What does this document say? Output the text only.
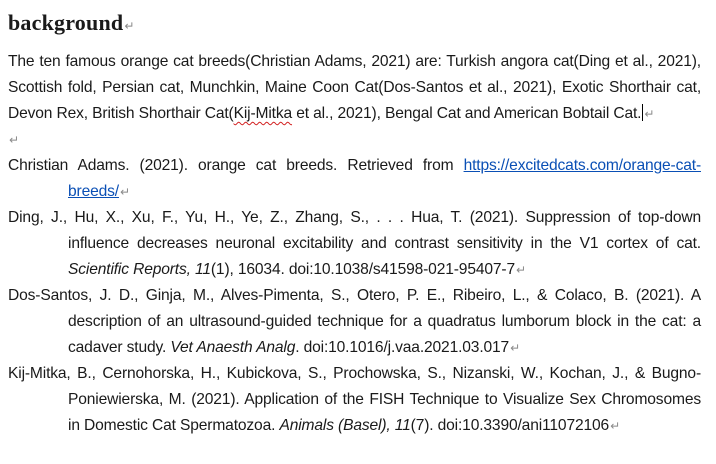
background↵
The ten famous orange cat breeds(Christian Adams, 2021) are: Turkish angora cat(Ding et al., 2021), Scottish fold, Persian cat, Munchkin, Maine Coon Cat(Dos-Santos et al., 2021), Exotic Shorthair cat, Devon Rex, British Shorthair Cat(Kij-Mitka et al., 2021), Bengal Cat and American Bobtail Cat. ↵
↵
Christian Adams. (2021). orange cat breeds. Retrieved from https://excitedcats.com/orange-cat-breeds/↵
Ding, J., Hu, X., Xu, F., Yu, H., Ye, Z., Zhang, S., . . . Hua, T. (2021). Suppression of top-down influence decreases neuronal excitability and contrast sensitivity in the V1 cortex of cat. Scientific Reports, 11(1), 16034. doi:10.1038/s41598-021-95407-7↵
Dos-Santos, J. D., Ginja, M., Alves-Pimenta, S., Otero, P. E., Ribeiro, L., & Colaco, B. (2021). A description of an ultrasound-guided technique for a quadratus lumborum block in the cat: a cadaver study. Vet Anaesth Analg. doi:10.1016/j.vaa.2021.03.017↵
Kij-Mitka, B., Cernohorska, H., Kubickova, S., Prochowska, S., Nizanski, W., Kochan, J., & Bugno-Poniewierska, M. (2021). Application of the FISH Technique to Visualize Sex Chromosomes in Domestic Cat Spermatozoa. Animals (Basel), 11(7). doi:10.3390/ani11072106↵
